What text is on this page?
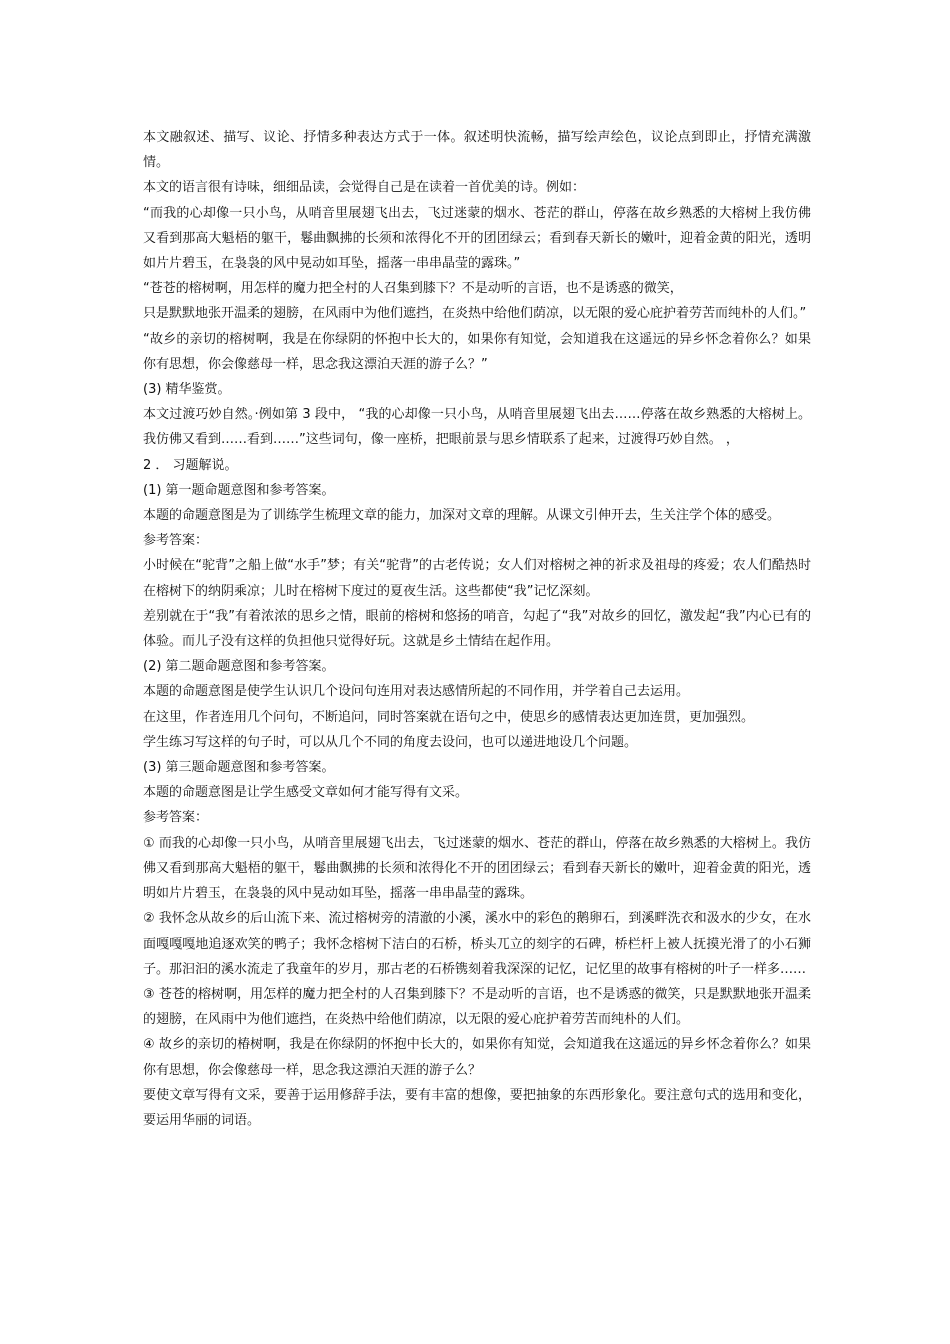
本文融叙述、描写、议论、抒情多种表达方式于一体。叙述明快流畅，描写绘声绘色，议论点到即止，抒情充满激情。

本文的语言很有诗味，细细品读，会觉得自己是在读着一首优美的诗。例如：

“而我的心却像一只小鸟，从哨音里展翅飞出去，飞过迷蒙的烟水、苍茫的群山，停落在故乡熟悉的大榕树上我仿佛又看到那高大魁梧的躯干，鬈曲飘拂的长须和浓得化不开的团团绿云；看到春天新长的嫩叶，迎着金黄的阳光，透明如片片碧玉，在袅袅的风中晃动如耳坠，摇落一串串晶莹的露珠。”

“苍苍的榕树啊，用怎样的魔力把全村的人召集到膝下？不是动听的言语，也不是诱惑的微笑，

只是默默地张开温柔的翅膀，在风雨中为他们遮挡，在炎热中给他们荫凉，以无限的爱心庇护着劳苦而纯朴的人们。”

“故乡的亲切的榕树啊，我是在你绿阴的怀抱中长大的，如果你有知觉，会知道我在这遥远的异乡怀念着你么？如果你有思想，你会像慈母一样，思念我这漂泊天涯的游子么？”

(3) 精华鉴赏。

本文过渡巧妙自然。·例如第 3 段中， “我的心却像一只小鸟，从哨音里展翅飞出去……停落在故乡熟悉的大榕树上。我仿佛又看到……看到……”这些词句，像一座桥，把眼前景与思乡情联系了起来，过渡得巧妙自然。 ，

2 ． 习题解说。

(1) 第一题命题意图和参考答案。

本题的命题意图是为了训练学生梳理文章的能力，加深对文章的理解。从课文引伸开去，生关注学个体的感受。

参考答案：

小时候在“驼背”之船上做“水手”梦；有关“驼背”的古老传说；女人们对榕树之神的祈求及祖母的疼爱；农人们酷热时在榕树下的纳阴乘凉；儿时在榕树下度过的夏夜生活。这些都使“我”记忆深刻。

差别就在于“我”有着浓浓的思乡之情，眼前的榕树和悠扬的哨音，勾起了“我”对故乡的回忆，激发起“我”内心已有的体验。而儿子没有这样的负担他只觉得好玩。这就是乡土情结在起作用。

(2) 第二题命题意图和参考答案。

本题的命题意图是使学生认识几个设问句连用对表达感情所起的不同作用，并学着自己去运用。

在这里，作者连用几个问句，不断追问，同时答案就在语句之中，使思乡的感情表达更加连贯，更加强烈。

学生练习写这样的句子时，可以从几个不同的角度去设问，也可以递进地设几个问题。

(3) 第三题命题意图和参考答案。

本题的命题意图是让学生感受文章如何才能写得有文采。

参考答案：

① 而我的心却像一只小鸟，从哨音里展翅飞出去，飞过迷蒙的烟水、苍茫的群山，停落在故乡熟悉的大榕树上。我仿佛又看到那高大魁梧的躯干，鬈曲飘拂的长须和浓得化不开的团团绿云；看到春天新长的嫩叶，迎着金黄的阳光，透明如片片碧玉，在袅袅的风中晃动如耳坠，摇落一串串晶莹的露珠。

② 我怀念从故乡的后山流下来、流过榕树旁的清澈的小溪，溪水中的彩色的鹅卵石，到溪畔洗衣和汲水的少女，在水面嘎嘎嘎地追逐欢笑的鸭子；我怀念榕树下洁白的石桥，桥头兀立的刻字的石碑，桥栏杆上被人抚摸光滑了的小石狮子。那汩汩的溪水流走了我童年的岁月，那古老的石桥镌刻着我深深的记忆，记忆里的故事有榕树的叶子一样多……

③ 苍苍的榕树啊，用怎样的魔力把全村的人召集到膝下？不是动听的言语，也不是诱惑的微笑，只是默默地张开温柔的翅膀，在风雨中为他们遮挡，在炎热中给他们荫凉，以无限的爱心庇护着劳苦而纯朴的人们。

④ 故乡的亲切的椿树啊，我是在你绿阴的怀抱中长大的，如果你有知觉，会知道我在这遥远的异乡怀念着你么？如果你有思想，你会像慈母一样，思念我这漂泊天涯的游子么？

要使文章写得有文采，要善于运用修辞手法，要有丰富的想像，要把抽象的东西形象化。要注意句式的选用和变化，要运用华丽的词语。
